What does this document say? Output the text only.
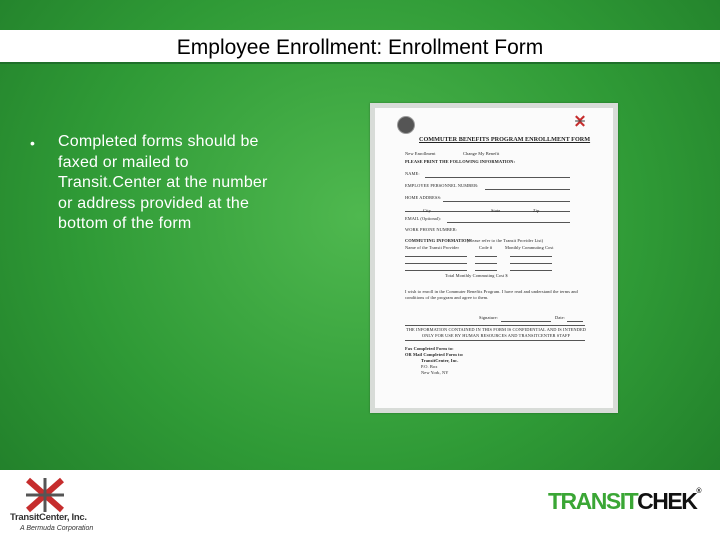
Employee Enrollment: Enrollment Form
• Completed forms should be faxed or mailed to Transit.Center at the number or address provided at the bottom of the form
COMMUTER BENEFITS PROGRAM ENROLLMENT FORM
New Enrollment	Change My Benefit
PLEASE PRINT THE FOLLOWING INFORMATION:
NAME:
EMPLOYEE PERSONNEL NUMBER:
HOME ADDRESS:
City	State	Zip
EMAIL (Optional):
WORK PHONE NUMBER:
COMMUTING INFORMATION:
(Please refer to the Transit Provider List)
Name of the Transit Provider	Code #	Monthly Commuting Cost
Total Monthly Commuting Cost $
I wish to enroll in the Commuter Benefits Program. I have read and understand the terms and conditions of the program and agree to them.
Signature:	Date:
THE INFORMATION CONTAINED IN THIS FORM IS CONFIDENTIAL AND IS INTENDED ONLY FOR USE BY HUMAN RESOURCES AND TRANSITCENTER STAFF
Fax Completed Form to:
OR Mail Completed Form to:
TransitCenter, Inc.
P.O. Box
New York, NY
TransitCenter, Inc.
A Bermuda Corporation
TRANSITCHEK®
